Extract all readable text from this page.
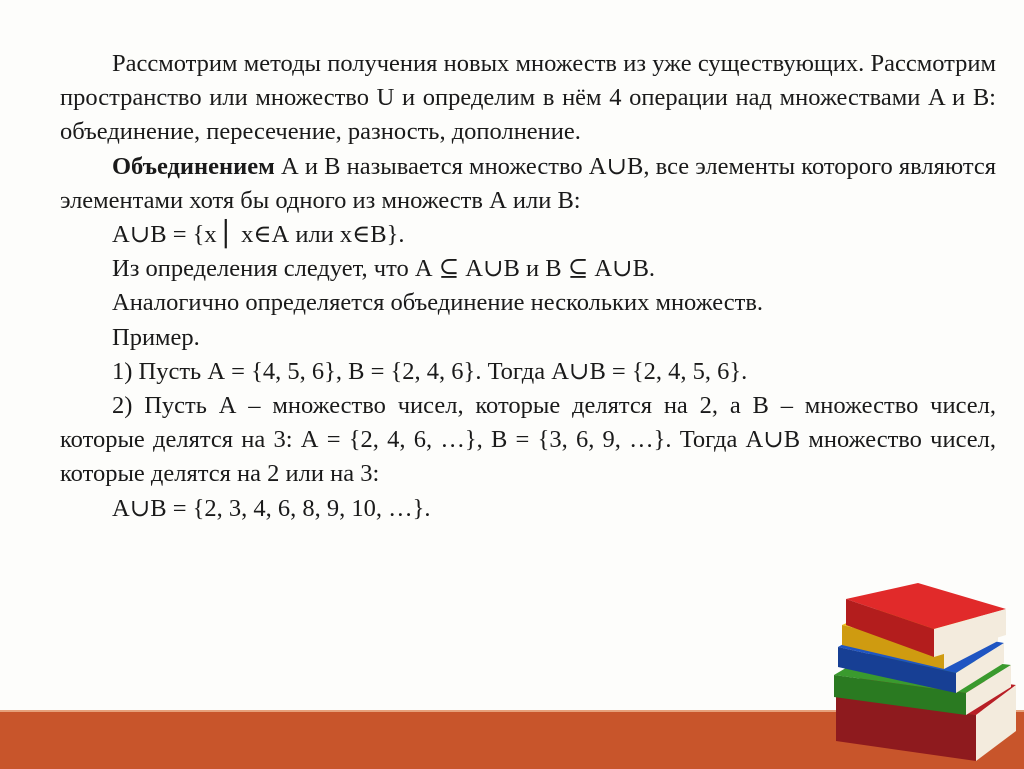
Рассмотрим методы получения новых множеств из уже существующих. Рассмотрим пространство или множество U и определим в нём 4 операции над множествами A и B: объединение, пересечение, разность, дополнение.

Объединением А и В называется множество А∪В, все элементы которого являются элементами хотя бы одного из множеств А или В:

А∪В = {x⎪ x∈А или x∈В}.

Из определения следует, что А ⊆ А∪В и В ⊆ А∪В.

Аналогично определяется объединение нескольких множеств.

Пример.

1) Пусть А = {4, 5, 6}, В = {2, 4, 6}. Тогда А∪В = {2, 4, 5, 6}.

2) Пусть А – множество чисел, которые делятся на 2, а В – множество чисел, которые делятся на 3: А = {2, 4, 6, …}, В = {3, 6, 9, …}. Тогда А∪В множество чисел, которые делятся на 2 или на 3:

А∪В = {2, 3, 4, 6, 8, 9, 10, …}.
